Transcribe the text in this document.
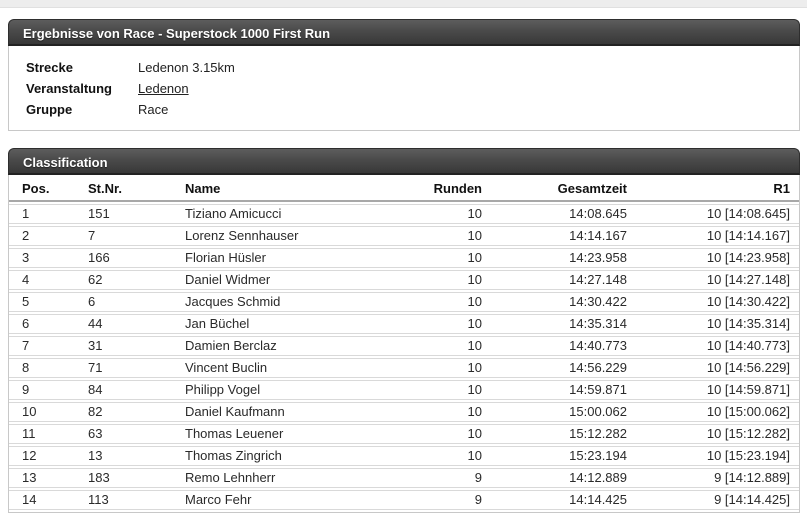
Ergebnisse von Race - Superstock 1000 First Run
Strecke	Ledenon 3.15km
Veranstaltung Ledenon
Gruppe	Race
Classification
Pos.	St.Nr.	Name	Runden	Gesamtzeit	R1
1	151	Tiziano Amicucci	10	14:08.645	10 [14:08.645]
2	7	Lorenz Sennhauser	10	14:14.167	10 [14:14.167]
3	166	Florian Hüsler	10	14:23.958	10 [14:23.958]
4	62	Daniel Widmer	10	14:27.148	10 [14:27.148]
5	6	Jacques Schmid	10	14:30.422	10 [14:30.422]
6	44	Jan Büchel	10	14:35.314	10 [14:35.314]
7	31	Damien Berclaz	10	14:40.773	10 [14:40.773]
8	71	Vincent Buclin	10	14:56.229	10 [14:56.229]
9	84	Philipp Vogel	10	14:59.871	10 [14:59.871]
10	82	Daniel Kaufmann	10	15:00.062	10 [15:00.062]
11	63	Thomas Leuener	10	15:12.282	10 [15:12.282]
12	13	Thomas Zingrich	10	15:23.194	10 [15:23.194]
13	183	Remo Lehnherr	9	14:12.889	9 [14:12.889]
14	113	Marco Fehr	9	14:14.425	9 [14:14.425]
